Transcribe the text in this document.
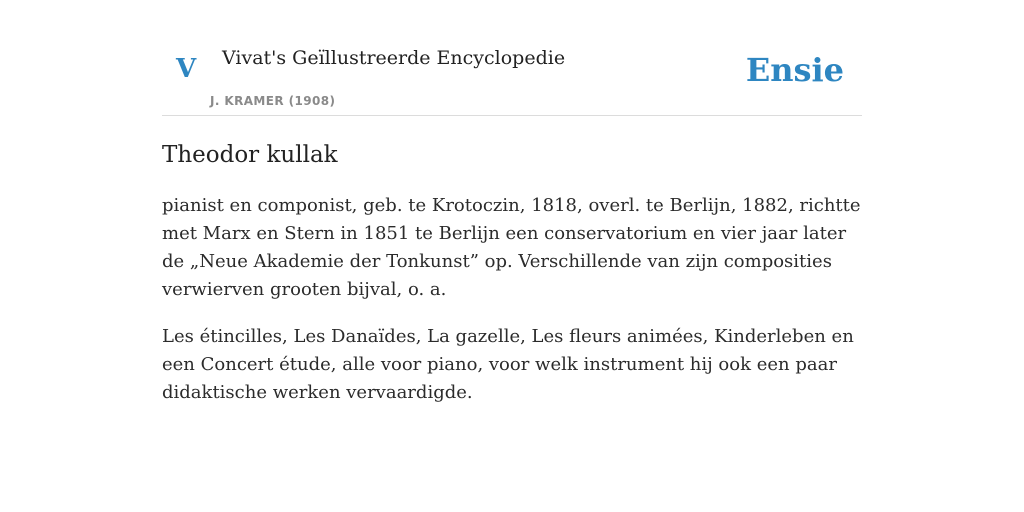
V Vivat's Geïllustreerde Encyclopedie
J. KRAMER (1908)
Ensie
Theodor kullak

pianist en componist, geb. te Krotoczin, 1818, overl. te Berlijn, 1882, richtte met Marx en Stern in 1851 te Berlijn een conservatorium en vier jaar later de „Neue Akademie der Tonkunst” op. Verschillende van zijn composities verwierven grooten bijval, o. a.

Les étincilles, Les Danaïdes, La gazelle, Les fleurs animées, Kinderleben en een Concert étude, alle voor piano, voor welk instrument hij ook een paar didaktische werken vervaardigde.
